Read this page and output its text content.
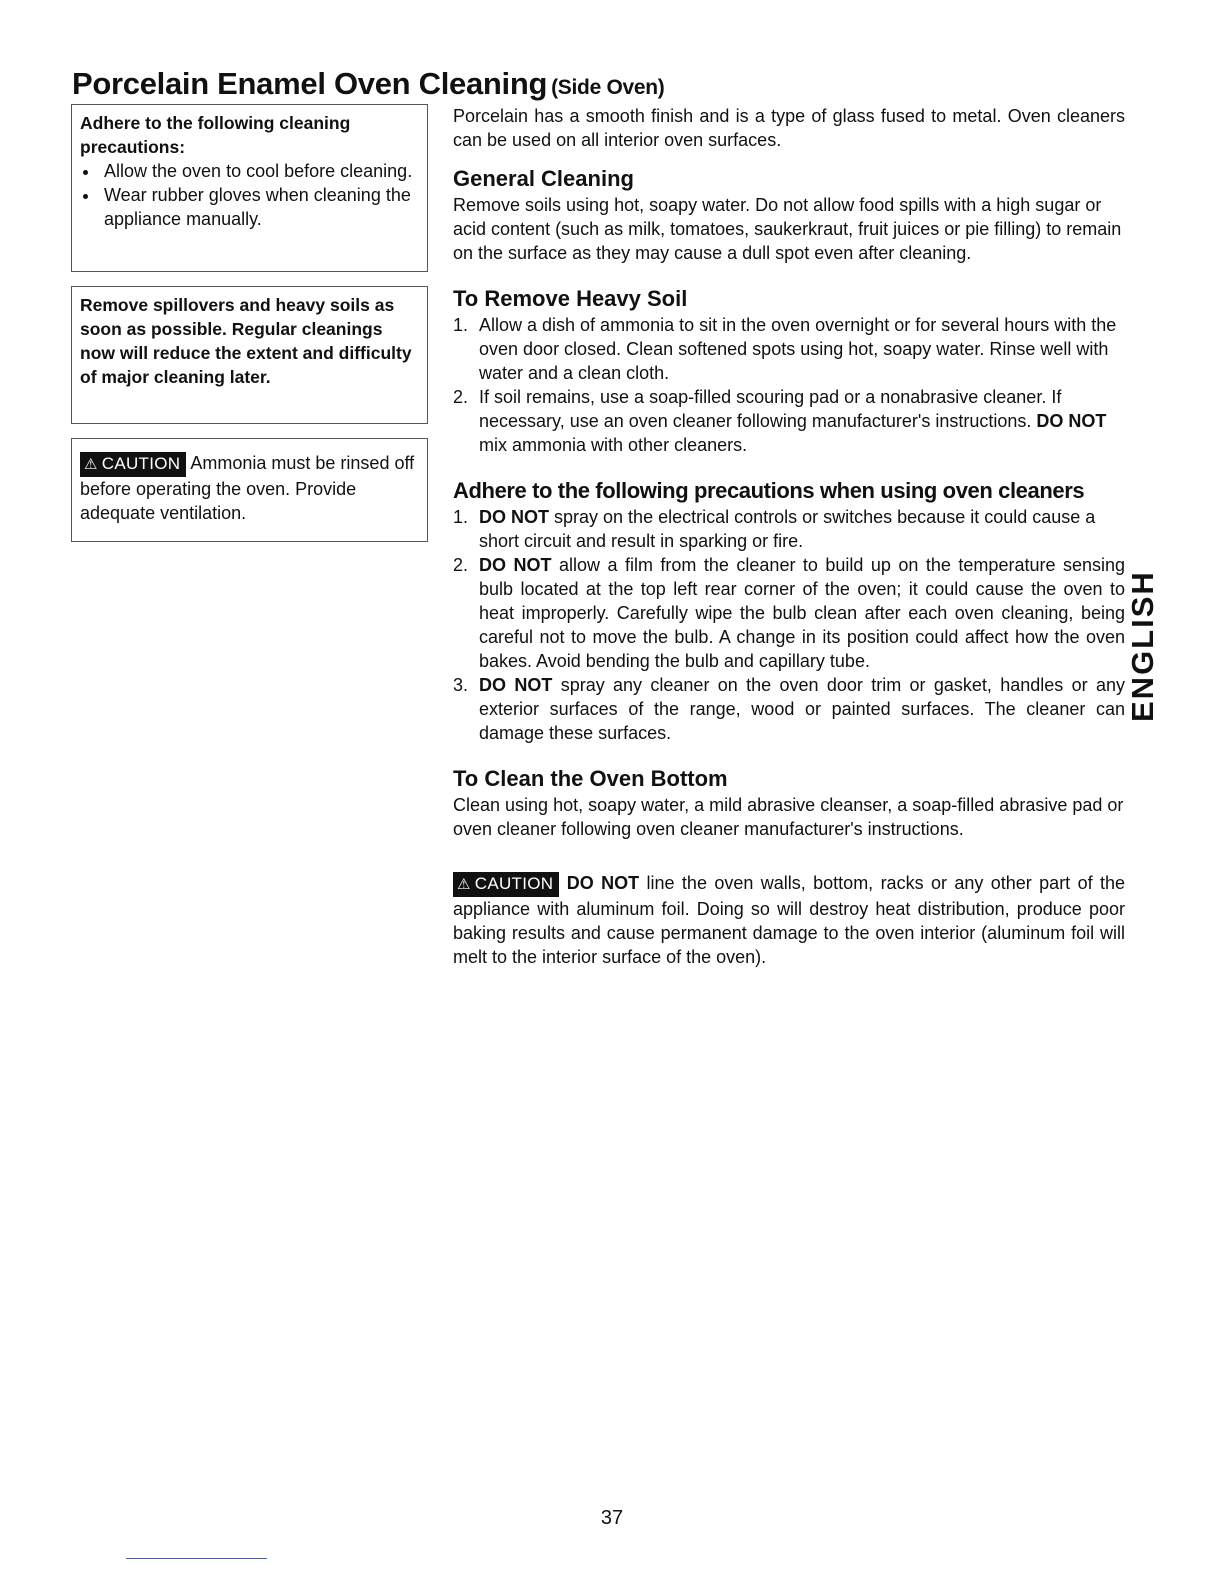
Porcelain Enamel Oven Cleaning (Side Oven)
Adhere to the following cleaning precautions:
• Allow the oven to cool before cleaning.
• Wear rubber gloves when cleaning the appliance manually.
Remove spillovers and heavy soils as soon as possible. Regular cleanings now will reduce the extent and difficulty of major cleaning later.
⚠ CAUTION Ammonia must be rinsed off before operating the oven. Provide adequate ventilation.

Porcelain has a smooth finish and is a type of glass fused to metal. Oven cleaners can be used on all interior oven surfaces.

General Cleaning

Remove soils using hot, soapy water. Do not allow food spills with a high sugar or acid content (such as milk, tomatoes, saukerkraut, fruit juices or pie filling) to remain on the surface as they may cause a dull spot even after cleaning.

To Remove Heavy Soil
1. Allow a dish of ammonia to sit in the oven overnight or for several hours with the oven door closed. Clean softened spots using hot, soapy water. Rinse well with water and a clean cloth.
2. If soil remains, use a soap-filled scouring pad or a nonabrasive cleaner. If necessary, use an oven cleaner following manufacturer's instructions. DO NOT mix ammonia with other cleaners.
Adhere to the following precautions when using oven cleaners
1. DO NOT spray on the electrical controls or switches because it could cause a short circuit and result in sparking or fire.
2. DO NOT allow a film from the cleaner to build up on the temperature sensing bulb located at the top left rear corner of the oven; it could cause the oven to heat improperly. Carefully wipe the bulb clean after each oven cleaning, being careful not to move the bulb. A change in its position could affect how the oven bakes. Avoid bending the bulb and capillary tube.
3. DO NOT spray any cleaner on the oven door trim or gasket, handles or any exterior surfaces of the range, wood or painted surfaces. The cleaner can damage these surfaces.
To Clean the Oven Bottom

Clean using hot, soapy water, a mild abrasive cleanser, a soap-filled abrasive pad or oven cleaner following oven cleaner manufacturer's instructions.

⚠ CAUTION DO NOT line the oven walls, bottom, racks or any other part of the appliance with aluminum foil. Doing so will destroy heat distribution, produce poor baking results and cause permanent damage to the oven interior (aluminum foil will melt to the interior surface of the oven).

ENGLISH
37
